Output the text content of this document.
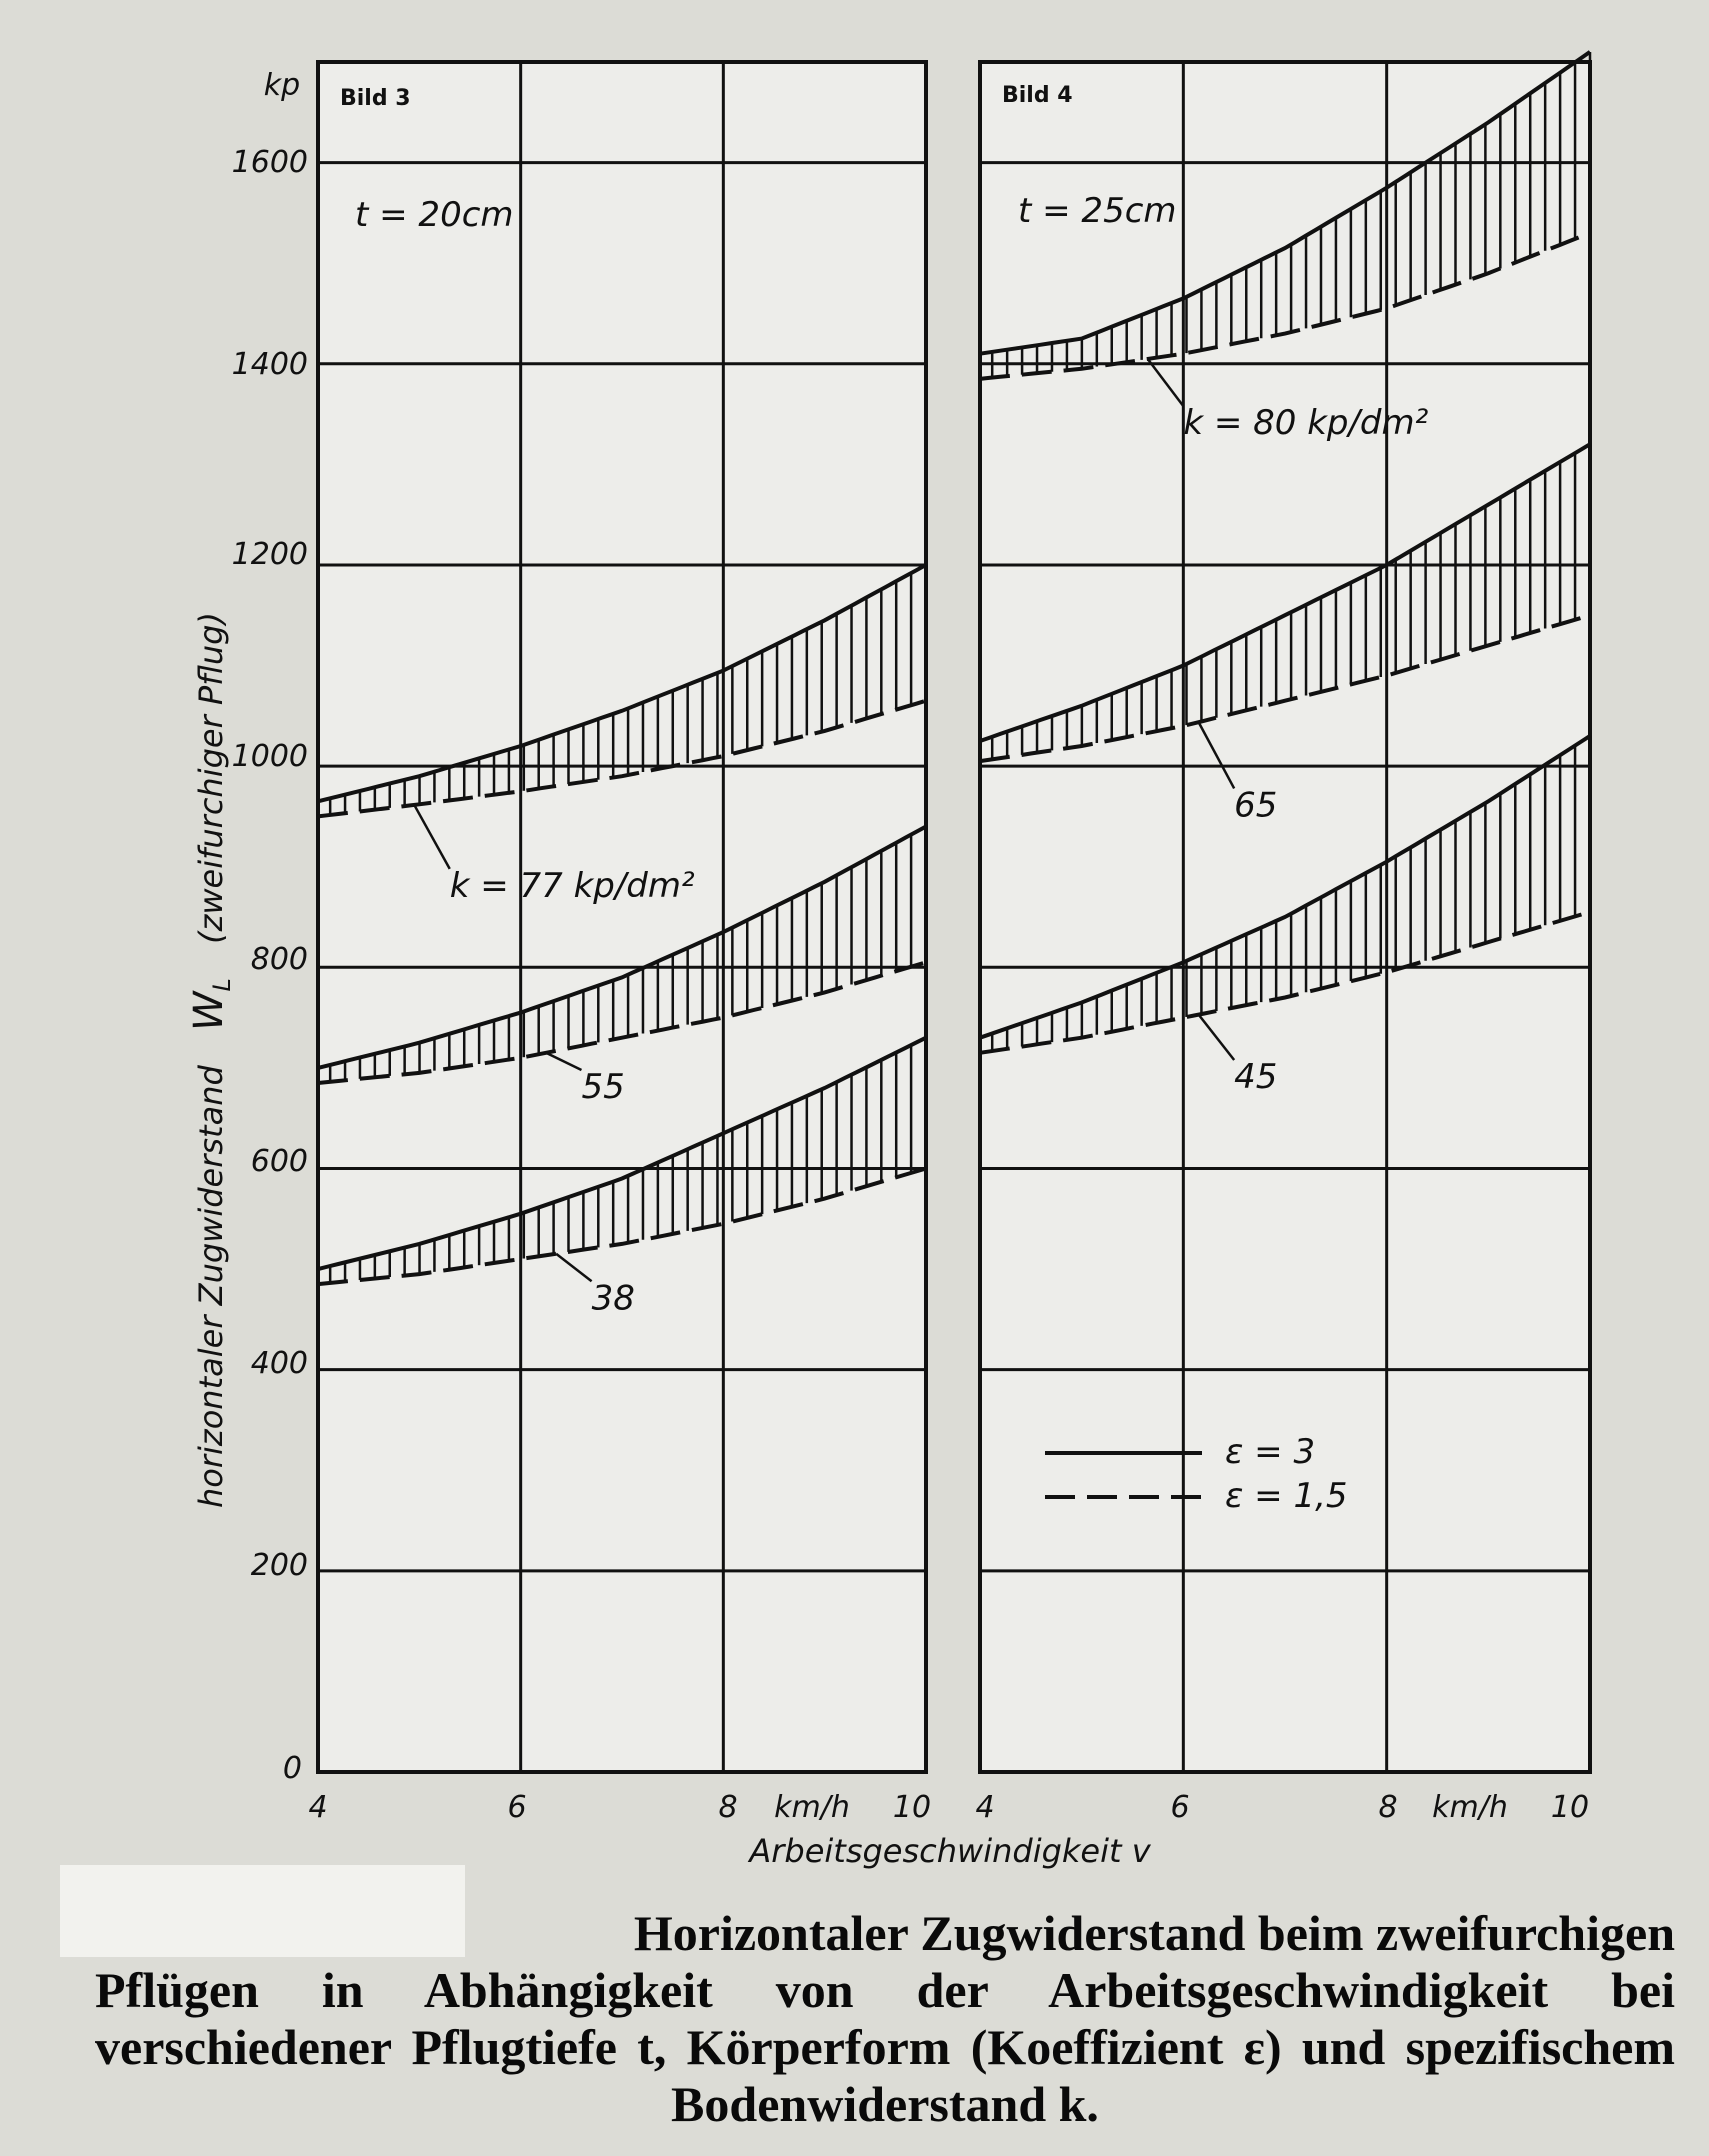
kp
0
200
400
600
800
1000
1200
1400
1600
horizontaler Zugwiderstand $W_L$ (zweifurchiger Pflug)
4	6	8 km/h 10 4	6	8 km/h 10
Arbeitsgeschwindigkeit v
Bild 3
t = 20cm
k = 77 kp/dm²
55
38
Bild 4
t = 25cm
k = 80 kp/dm²
65
45
ε = 3
ε = 1,5
Horizontaler Zugwiderstand beim zweifurchigen
Pflügen in Abhängigkeit von der Arbeitsgeschwindigkeit bei verschiedener Pflugtiefe t, Körperform (Koeffizient ε) und spezifischem Bodenwiderstand k.
